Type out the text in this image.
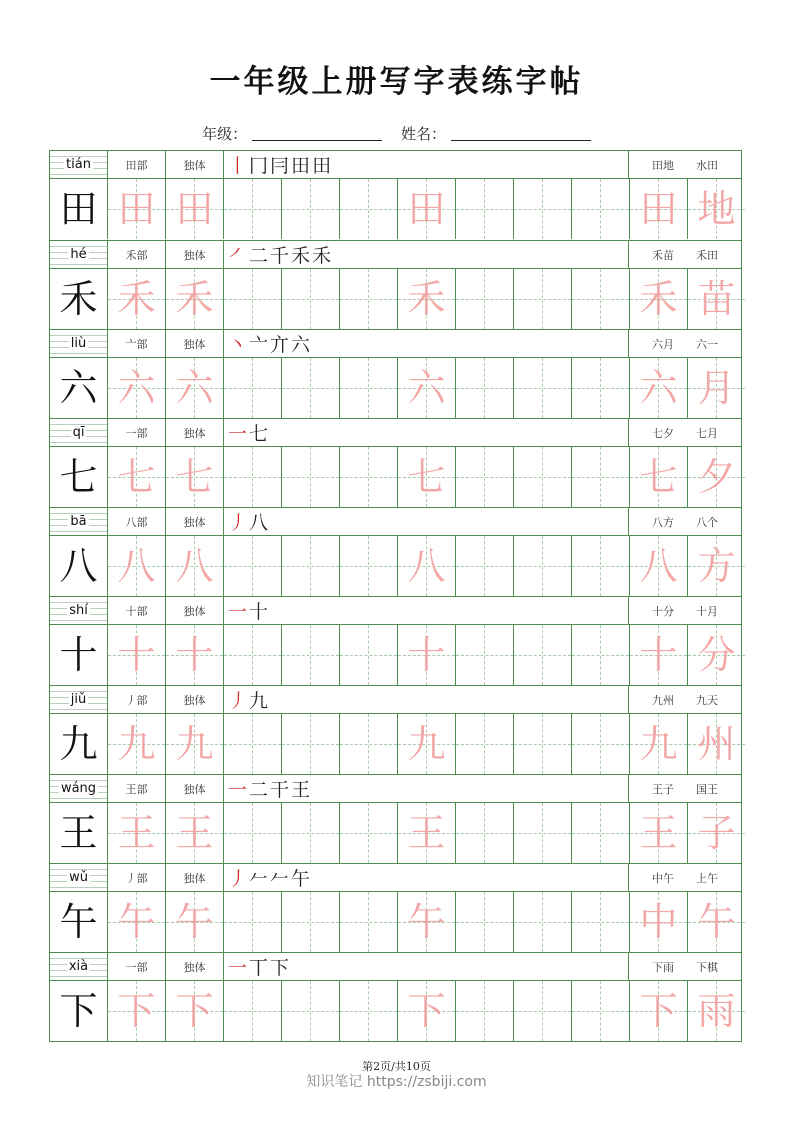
一年级上册写字表练字帖
年级：	姓名：
tián	田部	独体	丨 冂 冃 田 田	田地 水田
田 田 田	田	田 地
hé	禾部	独体	㇒ 二 千 禾 禾	禾苗 禾田
禾 禾 禾	禾	禾 苗
liù	亠部	独体	丶 亠 亣 六	六月 六一
六 六 六	六	六 月
qī	一部	独体	一 七	七夕 七月
七 七 七	七	七 夕
bā	八部	独体	丿 八	八方 八个
八 八 八	八	八 方
shí	十部	独体	一 十	十分 十月
十 十 十	十	十 分
jiǔ	丿部	独体	丿 九	九州 九天
九 九 九	九	九 州
wáng	王部	独体	一 二 干 王	王子 国王
王 王 王	王	王 子
wǔ	丿部	独体	丿 𠂉 𠂉 午	中午 上午
午 午 午	午	中 午
xià	一部	独体	一 丅 下	下雨 下棋
下 下 下	下	下 雨
第2页/共10页
知识笔记 https://zsbiji.com
